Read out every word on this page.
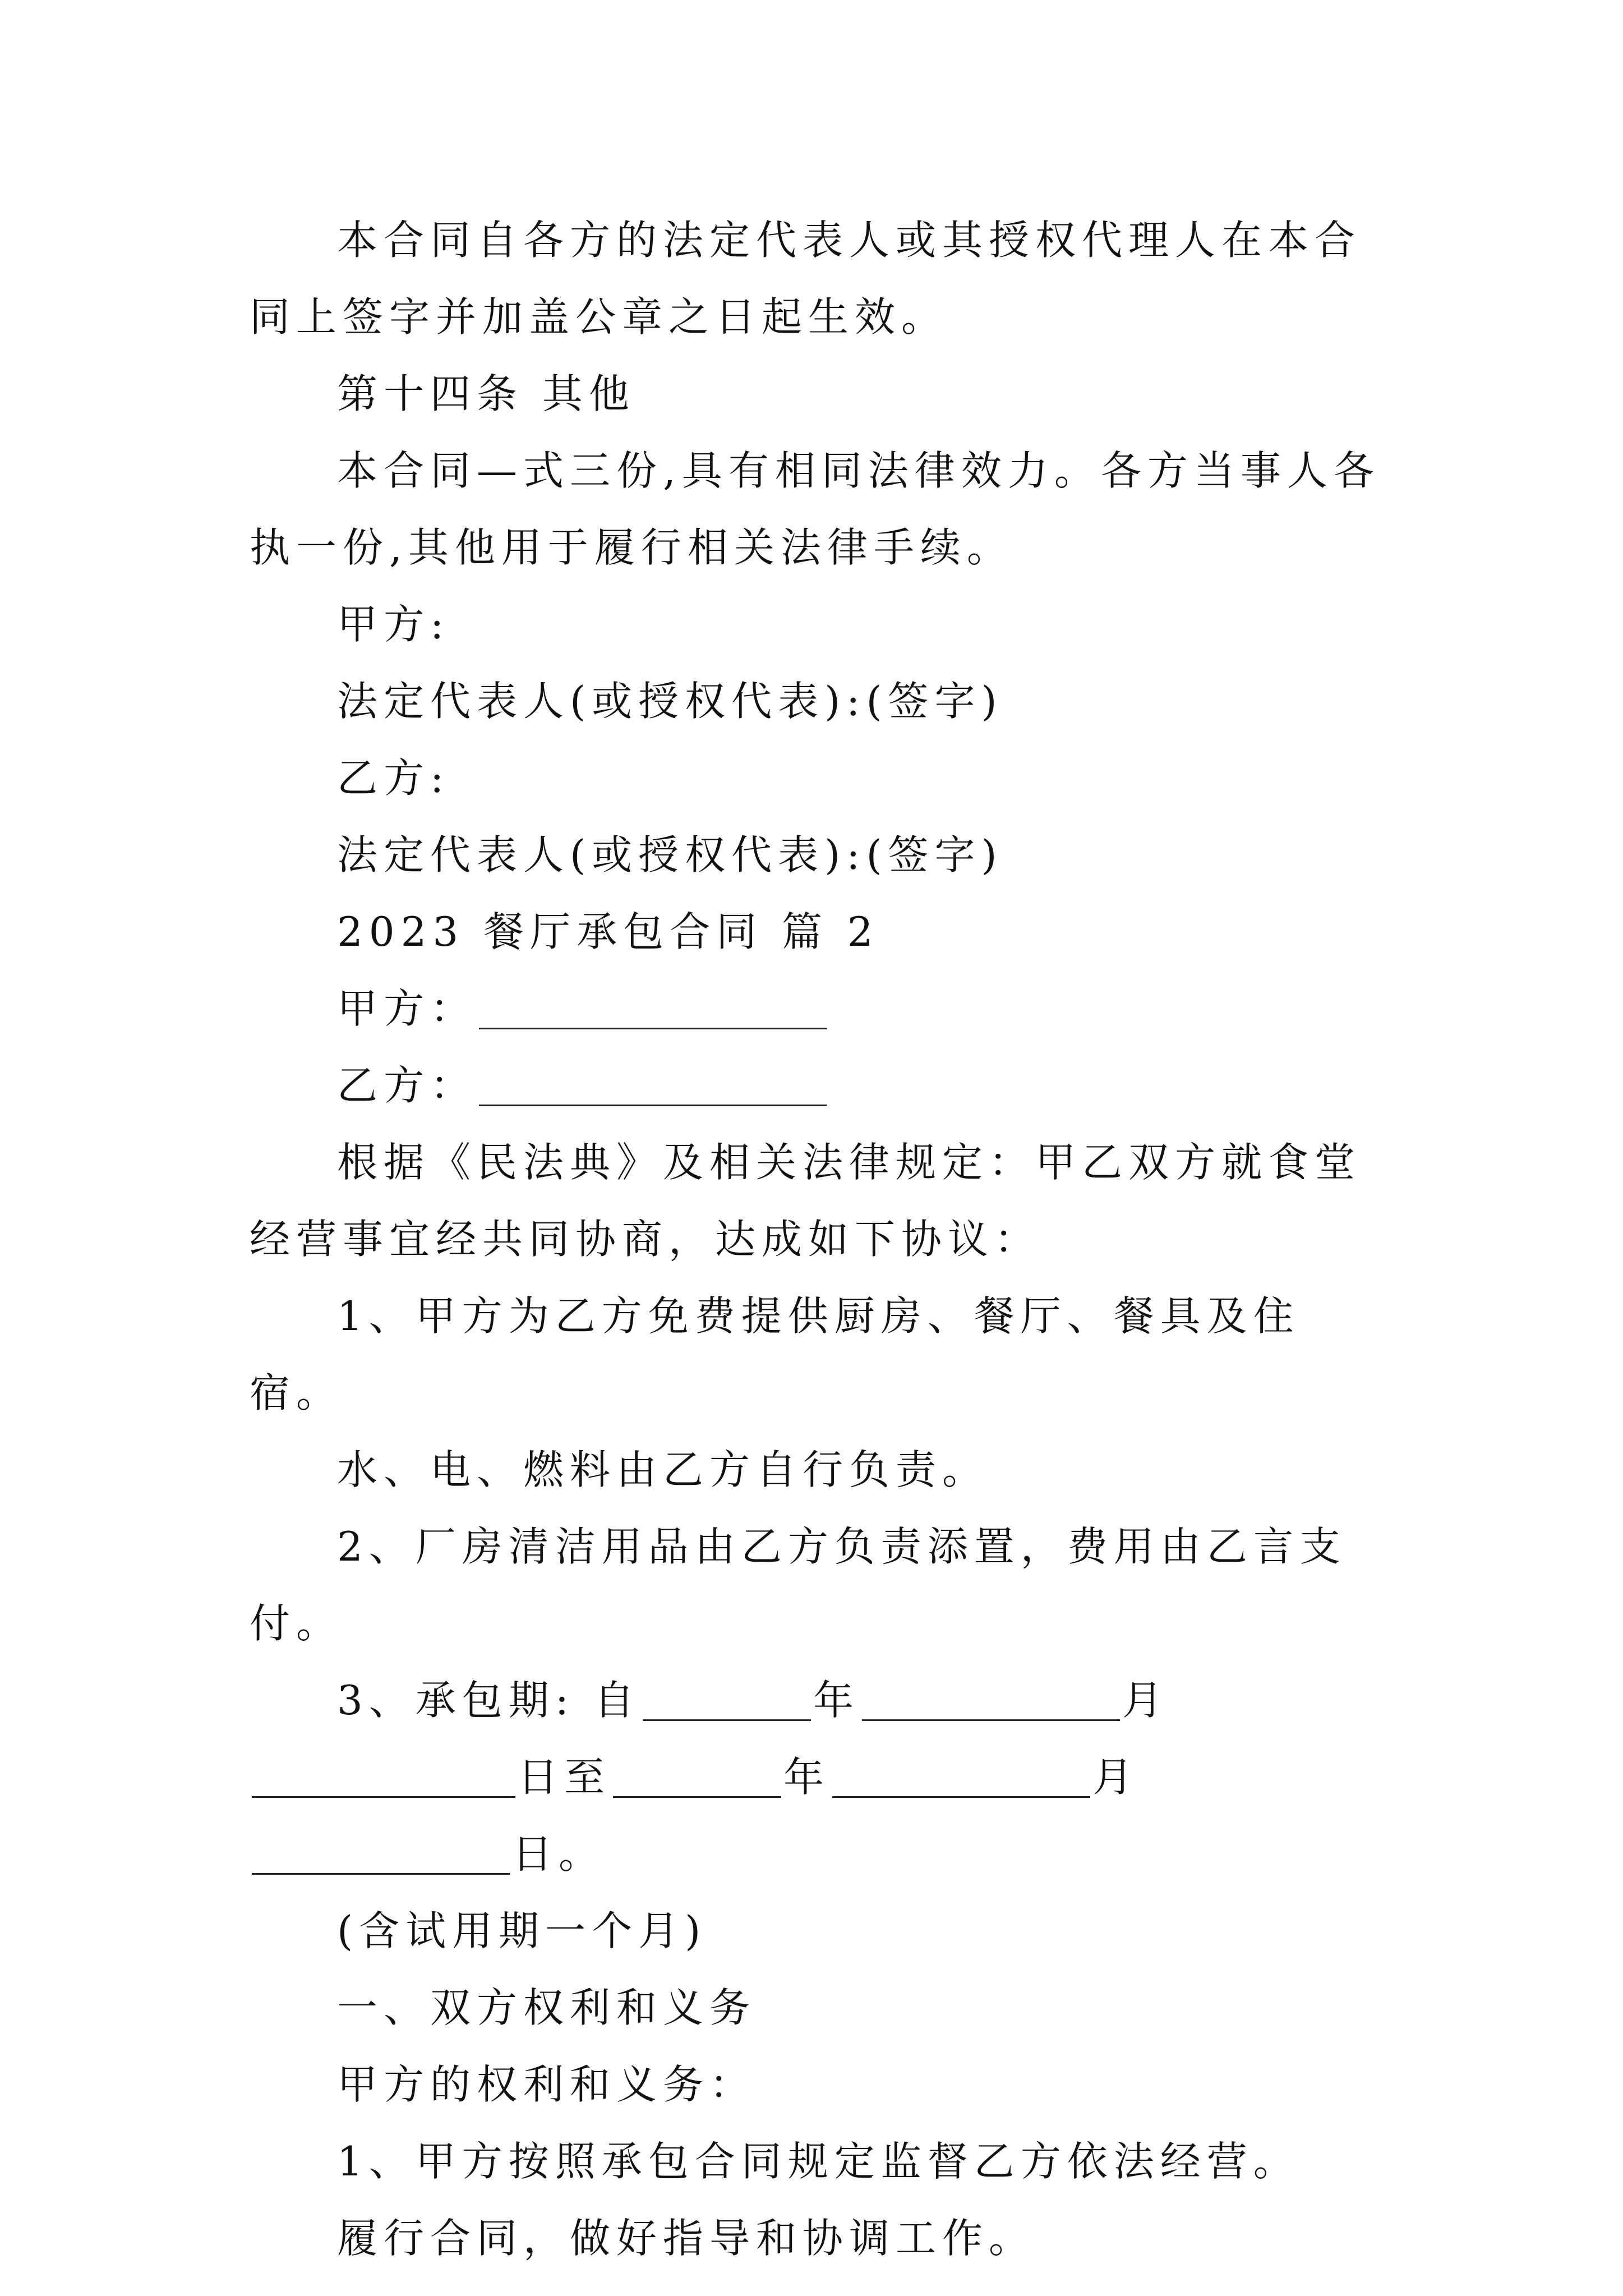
本合同自各方的法定代表人或其授权代理人在本合同上签字并加盖公章之日起生效。

第十四条 其他

本合同—式三份,具有相同法律效力。各方当事人各执一份,其他用于履行相关法律手续。

甲方:

法定代表人(或授权代表):(签字)

乙方:

法定代表人(或授权代表):(签字)

2023 餐厅承包合同 篇 2

甲方：

乙方：

根据《民法典》及相关法律规定：甲乙双方就食堂经营事宜经共同协商，达成如下协议：

1、甲方为乙方免费提供厨房、餐厅、餐具及住宿。

水、电、燃料由乙方自行负责。

2、厂房清洁用品由乙方负责添置，费用由乙言支付。

3、承包期: 自	年	月日至	年	月日。

(含试用期一个月)

一、双方权利和义务

甲方的权利和义务：

1、甲方按照承包合同规定监督乙方依法经营。

履行合同，做好指导和协调工作。
